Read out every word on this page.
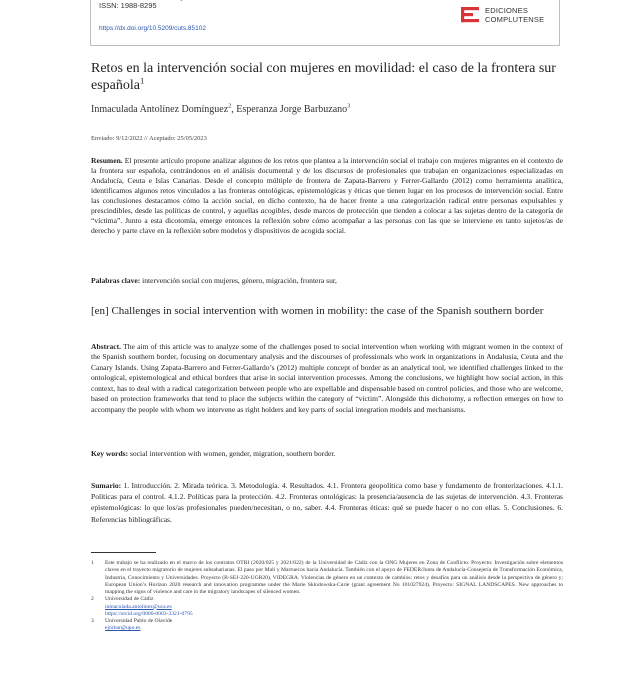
ISSN: 1988-8295
https://dx.doi.org/10.5209/cuts.85102
EDICIONES
COMPLUTENSE
Retos en la intervención social con mujeres en movilidad: el caso de la frontera sur española$^1$
Inmaculada Antolínez Domínguez$^2$, Esperanza Jorge Barbuzano$^3$
Enviado: 9/12/2022 // Aceptado: 25/05/2023
Resumen. El presente artículo propone analizar algunos de los retos que plantea a la intervención social el trabajo con mujeres migrantes en el contexto de la frontera sur española, centrándonos en el análisis documental y de los discursos de profesionales que trabajan en organizaciones especializadas en Andalucía, Ceuta e Islas Canarias. Desde el concepto múltiple de frontera de Zapata-Barrero y Ferrer-Gallardo (2012) como herramienta analítica, identificamos algunos retos vinculados a las fronteras ontológicas, epistemológicas y éticas que tienen lugar en los procesos de intervención social. Entre las conclusiones destacamos cómo la acción social, en dicho contexto, ha de hacer frente a una categorización radical entre personas expulsables y prescindibles, desde las políticas de control, y aquellas acogibles, desde marcos de protección que tienden a colocar a las sujetas dentro de la categoría de “víctima”. Junto a esta dicotomía, emerge entonces la reflexión sobre cómo acompañar a las personas con las que se interviene en tanto sujetos/as de derecho y parte clave en la reflexión sobre modelos y dispositivos de acogida social.
Palabras clave: intervención social con mujeres, género, migración, frontera sur,
[en] Challenges in social intervention with women in mobility: the case of the Spanish southern border
Abstract. The aim of this article was to analyze some of the challenges posed to social intervention when working with migrant women in the context of the Spanish southern border, focusing on documentary analysis and the discourses of professionals who work in organizations in Andalusia, Ceuta and the Canary Islands. Using Zapata-Barrero and Ferrer-Gallardo’s (2012) multiple concept of border as an analytical tool, we identified challenges linked to the ontological, epistemological and ethical borders that arise in social intervention processes. Among the conclusions, we highlight how social action, in this context, has to deal with a radical categorization between people who are expellable and dispensable based on control policies, and those who are welcome, based on protection frameworks that tend to place the subjects within the category of “victim”. Alongside this dichotomy, a reflection emerges on how to accompany the people with whom we intervene as right holders and key parts of social integration models and mechanisms.
Key words: social intervention with women, gender, migration, southern border.
Sumario: 1. Introducción. 2. Mirada teórica. 3. Metodología. 4. Resultados. 4.1. Frontera geopolítica como base y fundamento de fronterizaciones. 4.1.1. Políticas para el control. 4.1.2. Políticas para la protección. 4.2. Fronteras ontológicas: la presencia/ausencia de las sujetas de intervención. 4.3. Fronteras epistemológicas: lo que los/as profesionales pueden/necesitan, o no, saber. 4.4. Fronteras éticas: qué se puede hacer o no con ellas. 5. Conclusiones. 6. Referencias bibliográficas.
1	Este trabajo se ha realizado en el marco de los contratos OTRI (2020/025 y 2021/022) de la Universidad de Cádiz con la ONG Mujeres en Zona de Conflicto. Proyecto: Investigación sobre elementos claves en el trayecto migratorio de mujeres subsaharianas. El paso por Mali y Marruecos hacia Andalucía. También con el apoyo de FEDER/Junta de Andalucía-Consejería de Transformación Económica, Industria, Conocimiento y Universidades. Proyecto (B-SEJ-220-UGR20), VIDEGRA. Violencias de género en un contexto de cambios: retos y desafíos para un análisis desde la perspectiva de género y; European Union’s Horizon 2020 research and innovation programme under the Marie Sklodowska-Curie (grant agreement No 101027924). Proyecto: SIGNAL LANDSCAPES. New approaches to mapping the signs of violence and care in the migratory landscapes of silenced women.
2	Universidad de Cádiz
inmaculada.antolinez@uca.es
https://orcid.org/0000-0003-3321-0795
3	Universidad Pablo de Olavide
ejorbar@upo.es
